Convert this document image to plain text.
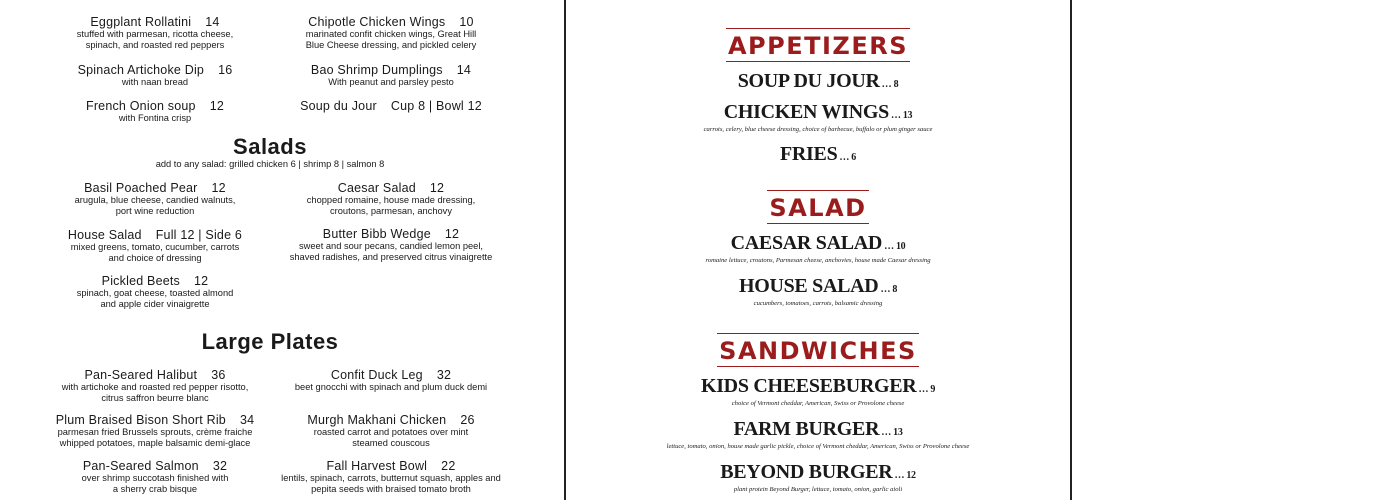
Eggplant Rollatini 14
stuffed with parmesan, ricotta cheese,
spinach, and roasted red peppers
Spinach Artichoke Dip 16
with naan bread
French Onion soup 12
with Fontina crisp
Chipotle Chicken Wings 10
marinated confit chicken wings, Great Hill
Blue Cheese dressing, and pickled celery
Bao Shrimp Dumplings 14
With peanut and parsley pesto
Soup du Jour Cup 8 | Bowl 12
Salads
add to any salad: grilled chicken 6 | shrimp 8 | salmon 8
Basil Poached Pear 12
arugula, blue cheese, candied walnuts,
port wine reduction
House Salad Full 12 | Side 6
mixed greens, tomato, cucumber, carrots
and choice of dressing
Pickled Beets 12
spinach, goat cheese, toasted almond
and apple cider vinaigrette
Caesar Salad 12
chopped romaine, house made dressing,
croutons, parmesan, anchovy
Butter Bibb Wedge 12
sweet and sour pecans, candied lemon peel,
shaved radishes, and preserved citrus vinaigrette
Large Plates
Pan-Seared Halibut 36
with artichoke and roasted red pepper risotto,
citrus saffron beurre blanc
Plum Braised Bison Short Rib 34
parmesan fried Brussels sprouts, crème fraiche
whipped potatoes, maple balsamic demi-glace
Pan-Seared Salmon 32
over shrimp succotash finished with
a sherry crab bisque
Confit Duck Leg 32
beet gnocchi with spinach and plum duck demi
Murgh Makhani Chicken 26
roasted carrot and potatoes over mint
steamed couscous
Fall Harvest Bowl 22
lentils, spinach, carrots, butternut squash, apples and
pepita seeds with braised tomato broth
APPETIZERS
SOUP DU JOUR … 8
CHICKEN WINGS … 13
carrots, celery, blue cheese dressing, choice of barbecue, buffalo or plum ginger sauce
FRIES … 6
SALAD
CAESAR SALAD … 10
romaine lettuce, croutons, Parmesan cheese, anchovies, house made Caesar dressing
HOUSE SALAD … 8
cucumbers, tomatoes, carrots, balsamic dressing
SANDWICHES
KIDS CHEESEBURGER … 9
choice of Vermont cheddar, American, Swiss or Provolone cheese
FARM BURGER … 13
lettuce, tomato, onion, house made garlic pickle, choice of Vermont cheddar, American, Swiss or Provolone cheese
BEYOND BURGER … 12
plant protein Beyond Burger, lettuce, tomato, onion, garlic aioli
